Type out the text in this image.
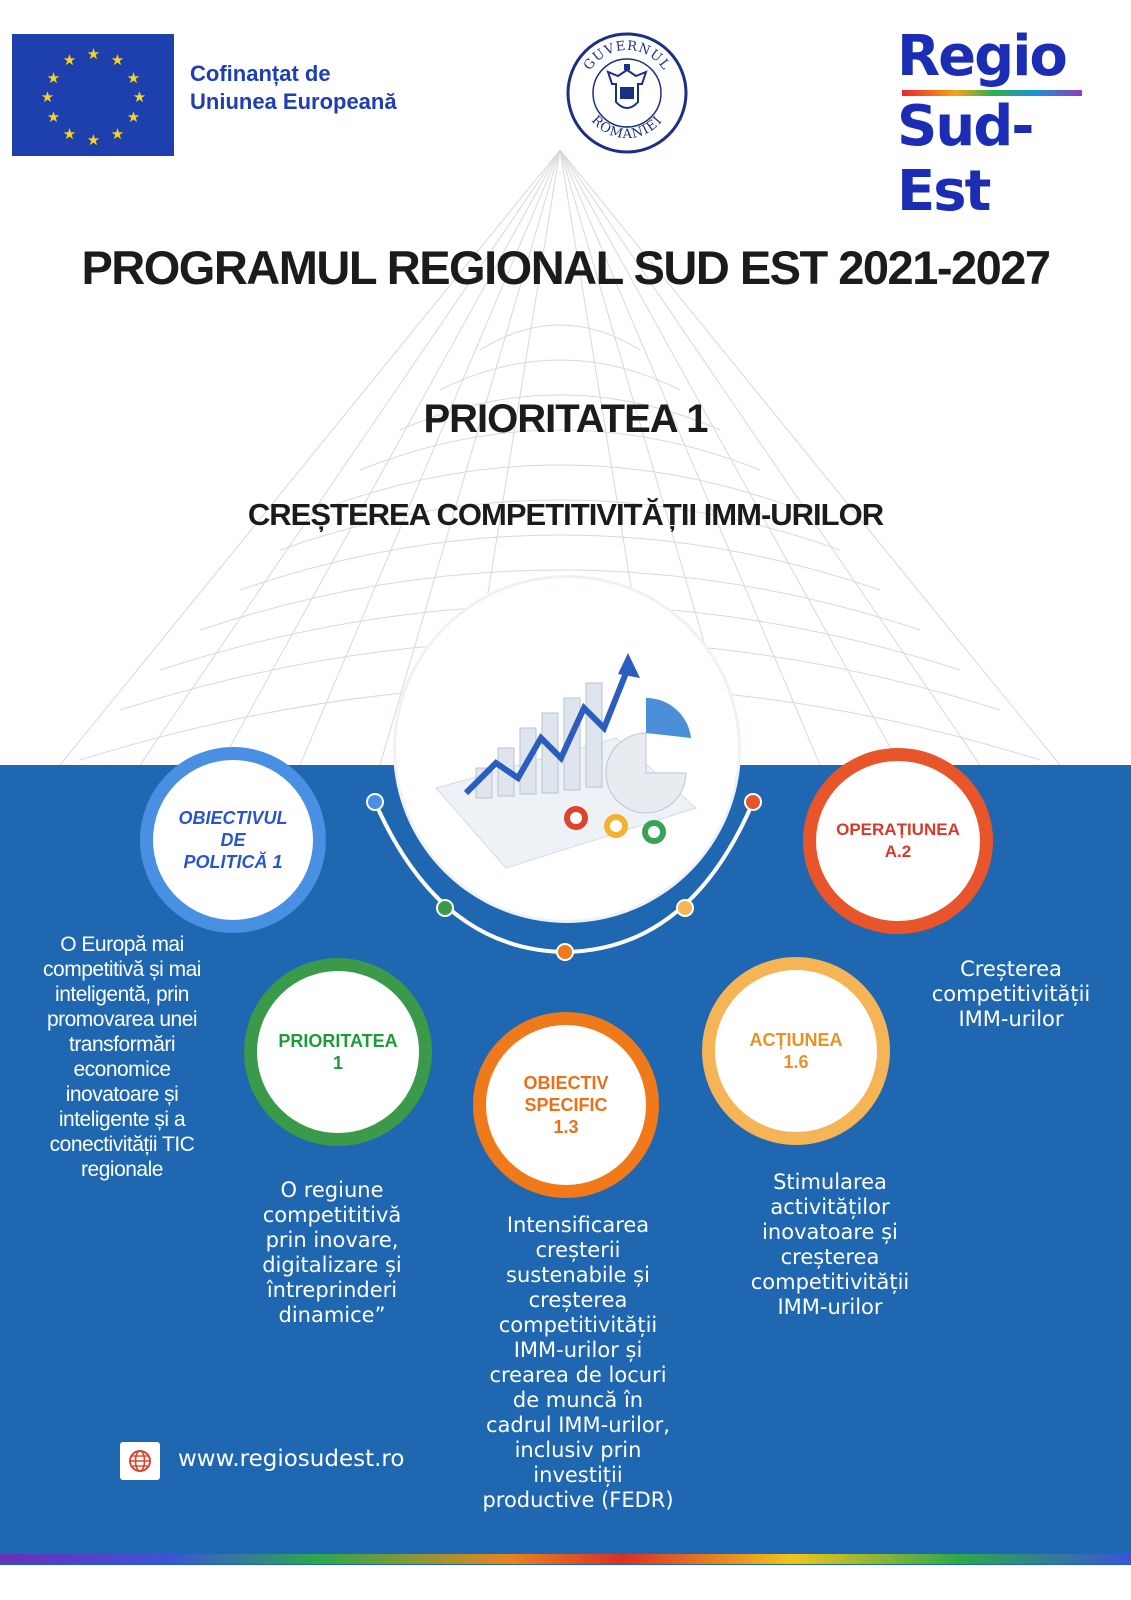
★ ★
★
★
★
★
★
★
★
★
★
★
Cofinanțat de
Uniunea Europeană
GUVERNUL
ROMÂNIEI
Regio
Sud-Est
PROGRAMUL REGIONAL SUD EST 2021-2027
PRIORITATEA 1
CREȘTEREA COMPETITIVITĂȚII IMM-URILOR
OBIECTIVUL
DE
POLITICĂ 1
O Europă mai competitivă și mai inteligentă, prin promovarea unei transformări economice inovatoare și inteligente și a conectivității TIC regionale
PRIORITATEA
1
O regiune competititivă prin inovare, digitalizare și întreprinderi dinamice”
OBIECTIV
SPECIFIC
1.3
Intensificarea creșterii sustenabile și creșterea competitivității IMM-urilor și crearea de locuri de muncă în cadrul IMM-urilor, inclusiv prin investiții productive (FEDR)
ACȚIUNEA
1.6
Stimularea activităților inovatoare și creșterea competitivității IMM-urilor
OPERAȚIUNEA
A.2
Creșterea competitivității IMM-urilor
www.regiosudest.ro
